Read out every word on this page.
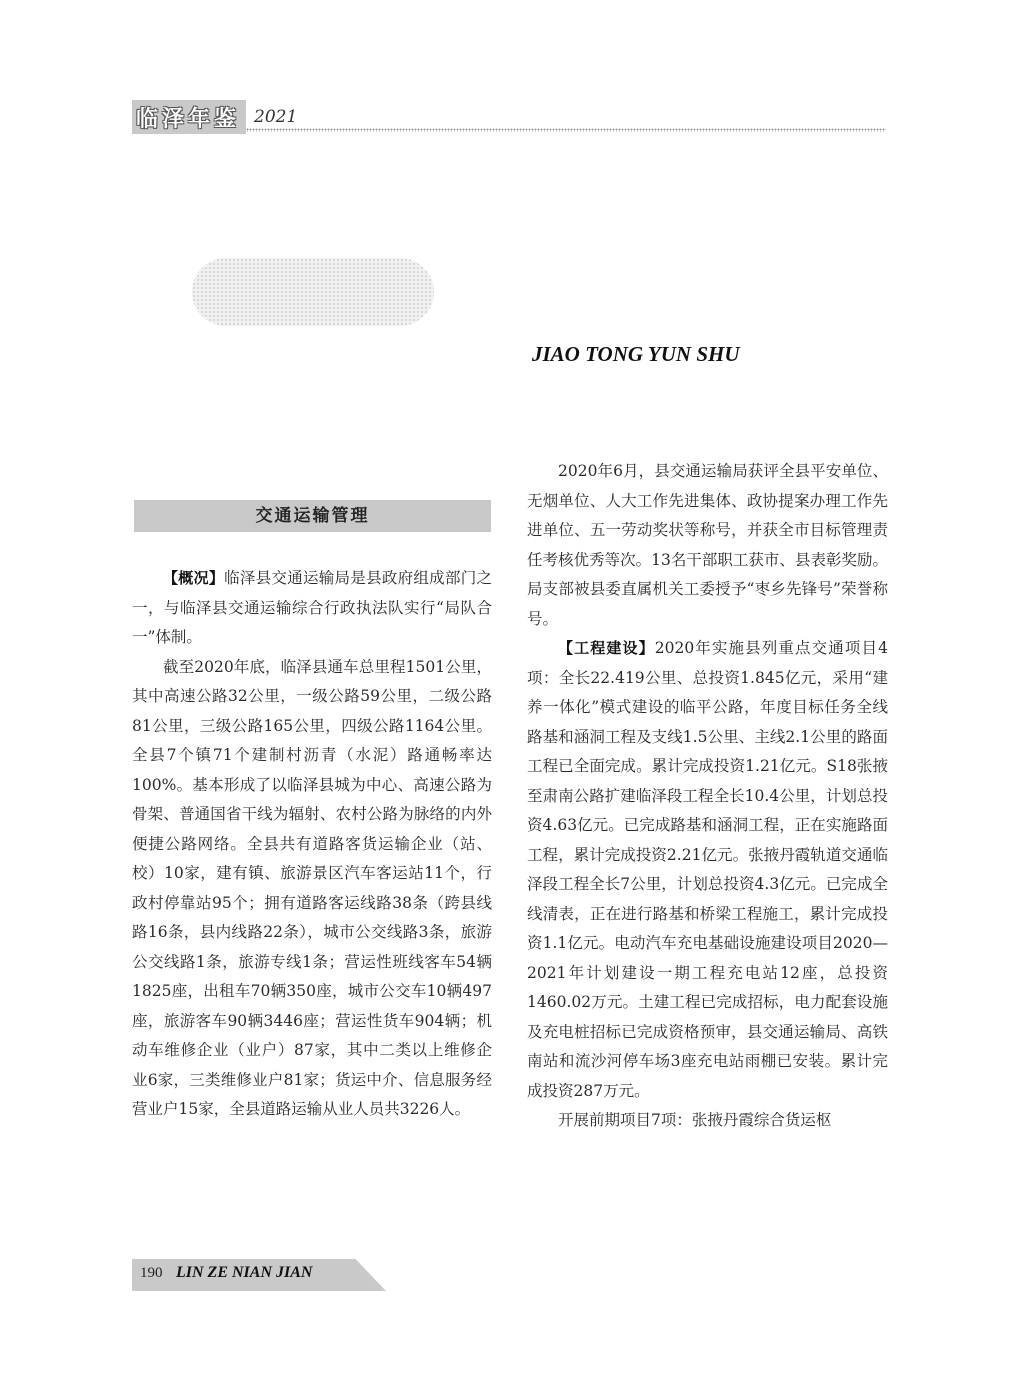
临泽年鉴 2021
JIAO TONG YUN SHU
交通运输管理

【概况】临泽县交通运输局是县政府组成部门之一，与临泽县交通运输综合行政执法队实行“局队合一”体制。

截至2020年底，临泽县通车总里程1501公里，其中高速公路32公里，一级公路59公里，二级公路81公里，三级公路165公里，四级公路1164公里。全县7个镇71个建制村沥青（水泥）路通畅率达100%。基本形成了以临泽县城为中心、高速公路为骨架、普通国省干线为辐射、农村公路为脉络的内外便捷公路网络。全县共有道路客货运输企业（站、校）10家，建有镇、旅游景区汽车客运站11个，行政村停靠站95个；拥有道路客运线路38条（跨县线路16条，县内线路22条），城市公交线路3条，旅游公交线路1条，旅游专线1条；营运性班线客车54辆1825座，出租车70辆350座，城市公交车10辆497座，旅游客车90辆3446座；营运性货车904辆；机动车维修企业（业户）87家，其中二类以上维修企业6家，三类维修业户81家；货运中介、信息服务经营业户15家，全县道路运输从业人员共3226人。

2020年6月，县交通运输局获评全县平安单位、无烟单位、人大工作先进集体、政协提案办理工作先进单位、五一劳动奖状等称号，并获全市目标管理责任考核优秀等次。13名干部职工获市、县表彰奖励。局支部被县委直属机关工委授予“枣乡先锋号”荣誉称号。

【工程建设】2020年实施县列重点交通项目4项：全长22.419公里、总投资1.845亿元，采用“建养一体化”模式建设的临平公路，年度目标任务全线路基和涵洞工程及支线1.5公里、主线2.1公里的路面工程已全面完成。累计完成投资1.21亿元。S18张掖至肃南公路扩建临泽段工程全长10.4公里，计划总投资4.63亿元。已完成路基和涵洞工程，正在实施路面工程，累计完成投资2.21亿元。张掖丹霞轨道交通临泽段工程全长7公里，计划总投资4.3亿元。已完成全线清表，正在进行路基和桥梁工程施工，累计完成投资1.1亿元。电动汽车充电基础设施建设项目2020—2021年计划建设一期工程充电站12座，总投资1460.02万元。土建工程已完成招标，电力配套设施及充电桩招标已完成资格预审，县交通运输局、高铁南站和流沙河停车场3座充电站雨棚已安装。累计完成投资287万元。

开展前期项目7项：张掖丹霞综合货运枢

190 LIN ZE NIAN JIAN
